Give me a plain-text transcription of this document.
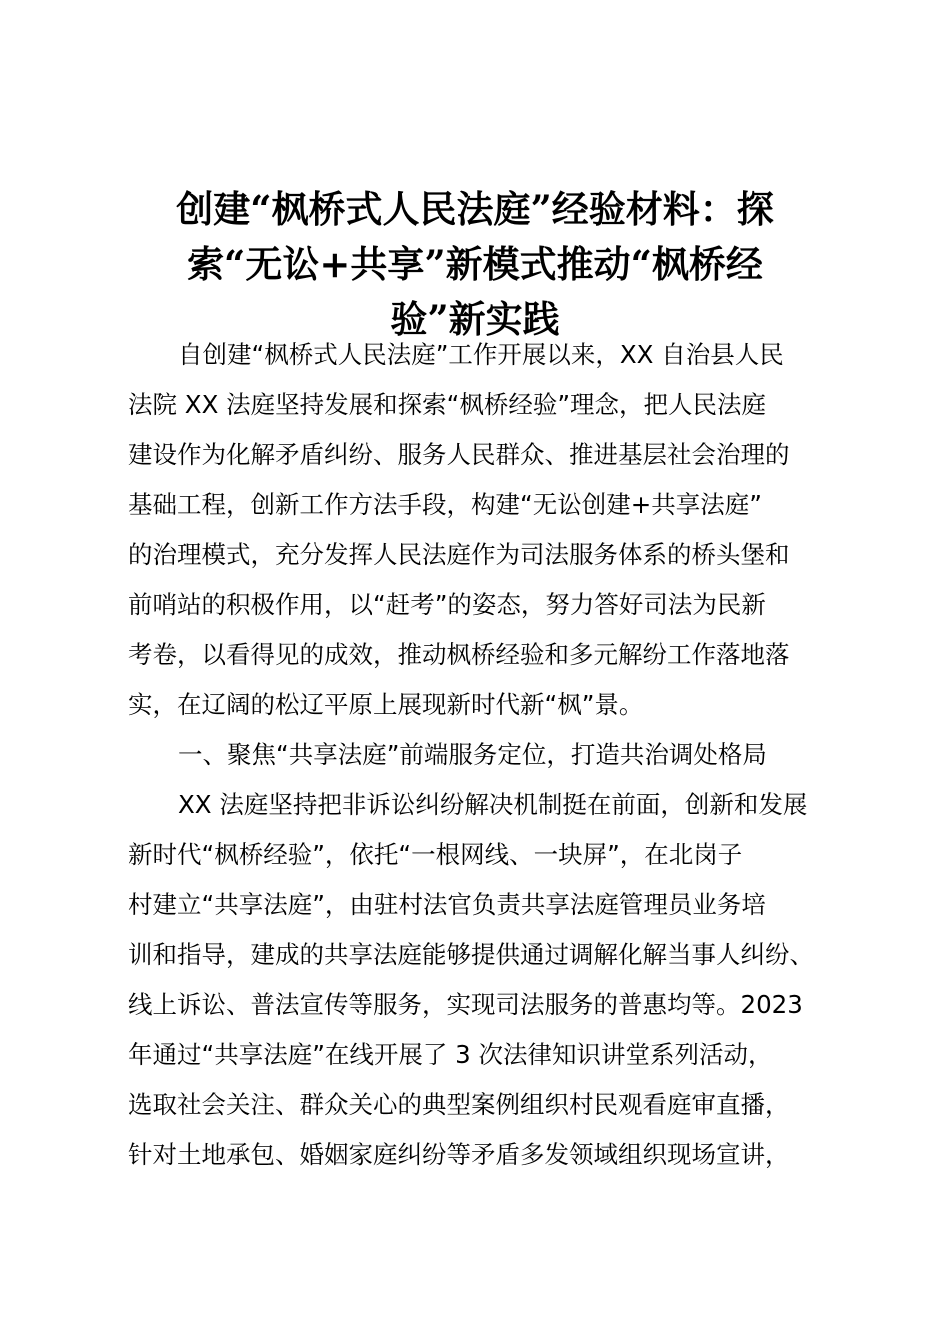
创建“枫桥式人民法庭”经验材料：探
索“无讼+共享”新模式推动“枫桥经
验”新实践
自创建“枫桥式人民法庭”工作开展以来，XX 自治县人民
法院 XX 法庭坚持发展和探索“枫桥经验”理念，把人民法庭
建设作为化解矛盾纠纷、服务人民群众、推进基层社会治理的
基础工程，创新工作方法手段，构建“无讼创建+共享法庭”
的治理模式，充分发挥人民法庭作为司法服务体系的桥头堡和
前哨站的积极作用，以“赶考”的姿态，努力答好司法为民新
考卷，以看得见的成效，推动枫桥经验和多元解纷工作落地落
实，在辽阔的松辽平原上展现新时代新“枫”景。
一、聚焦“共享法庭”前端服务定位，打造共治调处格局
XX 法庭坚持把非诉讼纠纷解决机制挺在前面，创新和发展
新时代“枫桥经验”，依托“一根网线、一块屏”，在北岗子
村建立“共享法庭”，由驻村法官负责共享法庭管理员业务培
训和指导，建成的共享法庭能够提供通过调解化解当事人纠纷、
线上诉讼、普法宣传等服务，实现司法服务的普惠均等。2023
年通过“共享法庭”在线开展了 3 次法律知识讲堂系列活动，
选取社会关注、群众关心的典型案例组织村民观看庭审直播，
针对土地承包、婚姻家庭纠纷等矛盾多发领域组织现场宣讲，
